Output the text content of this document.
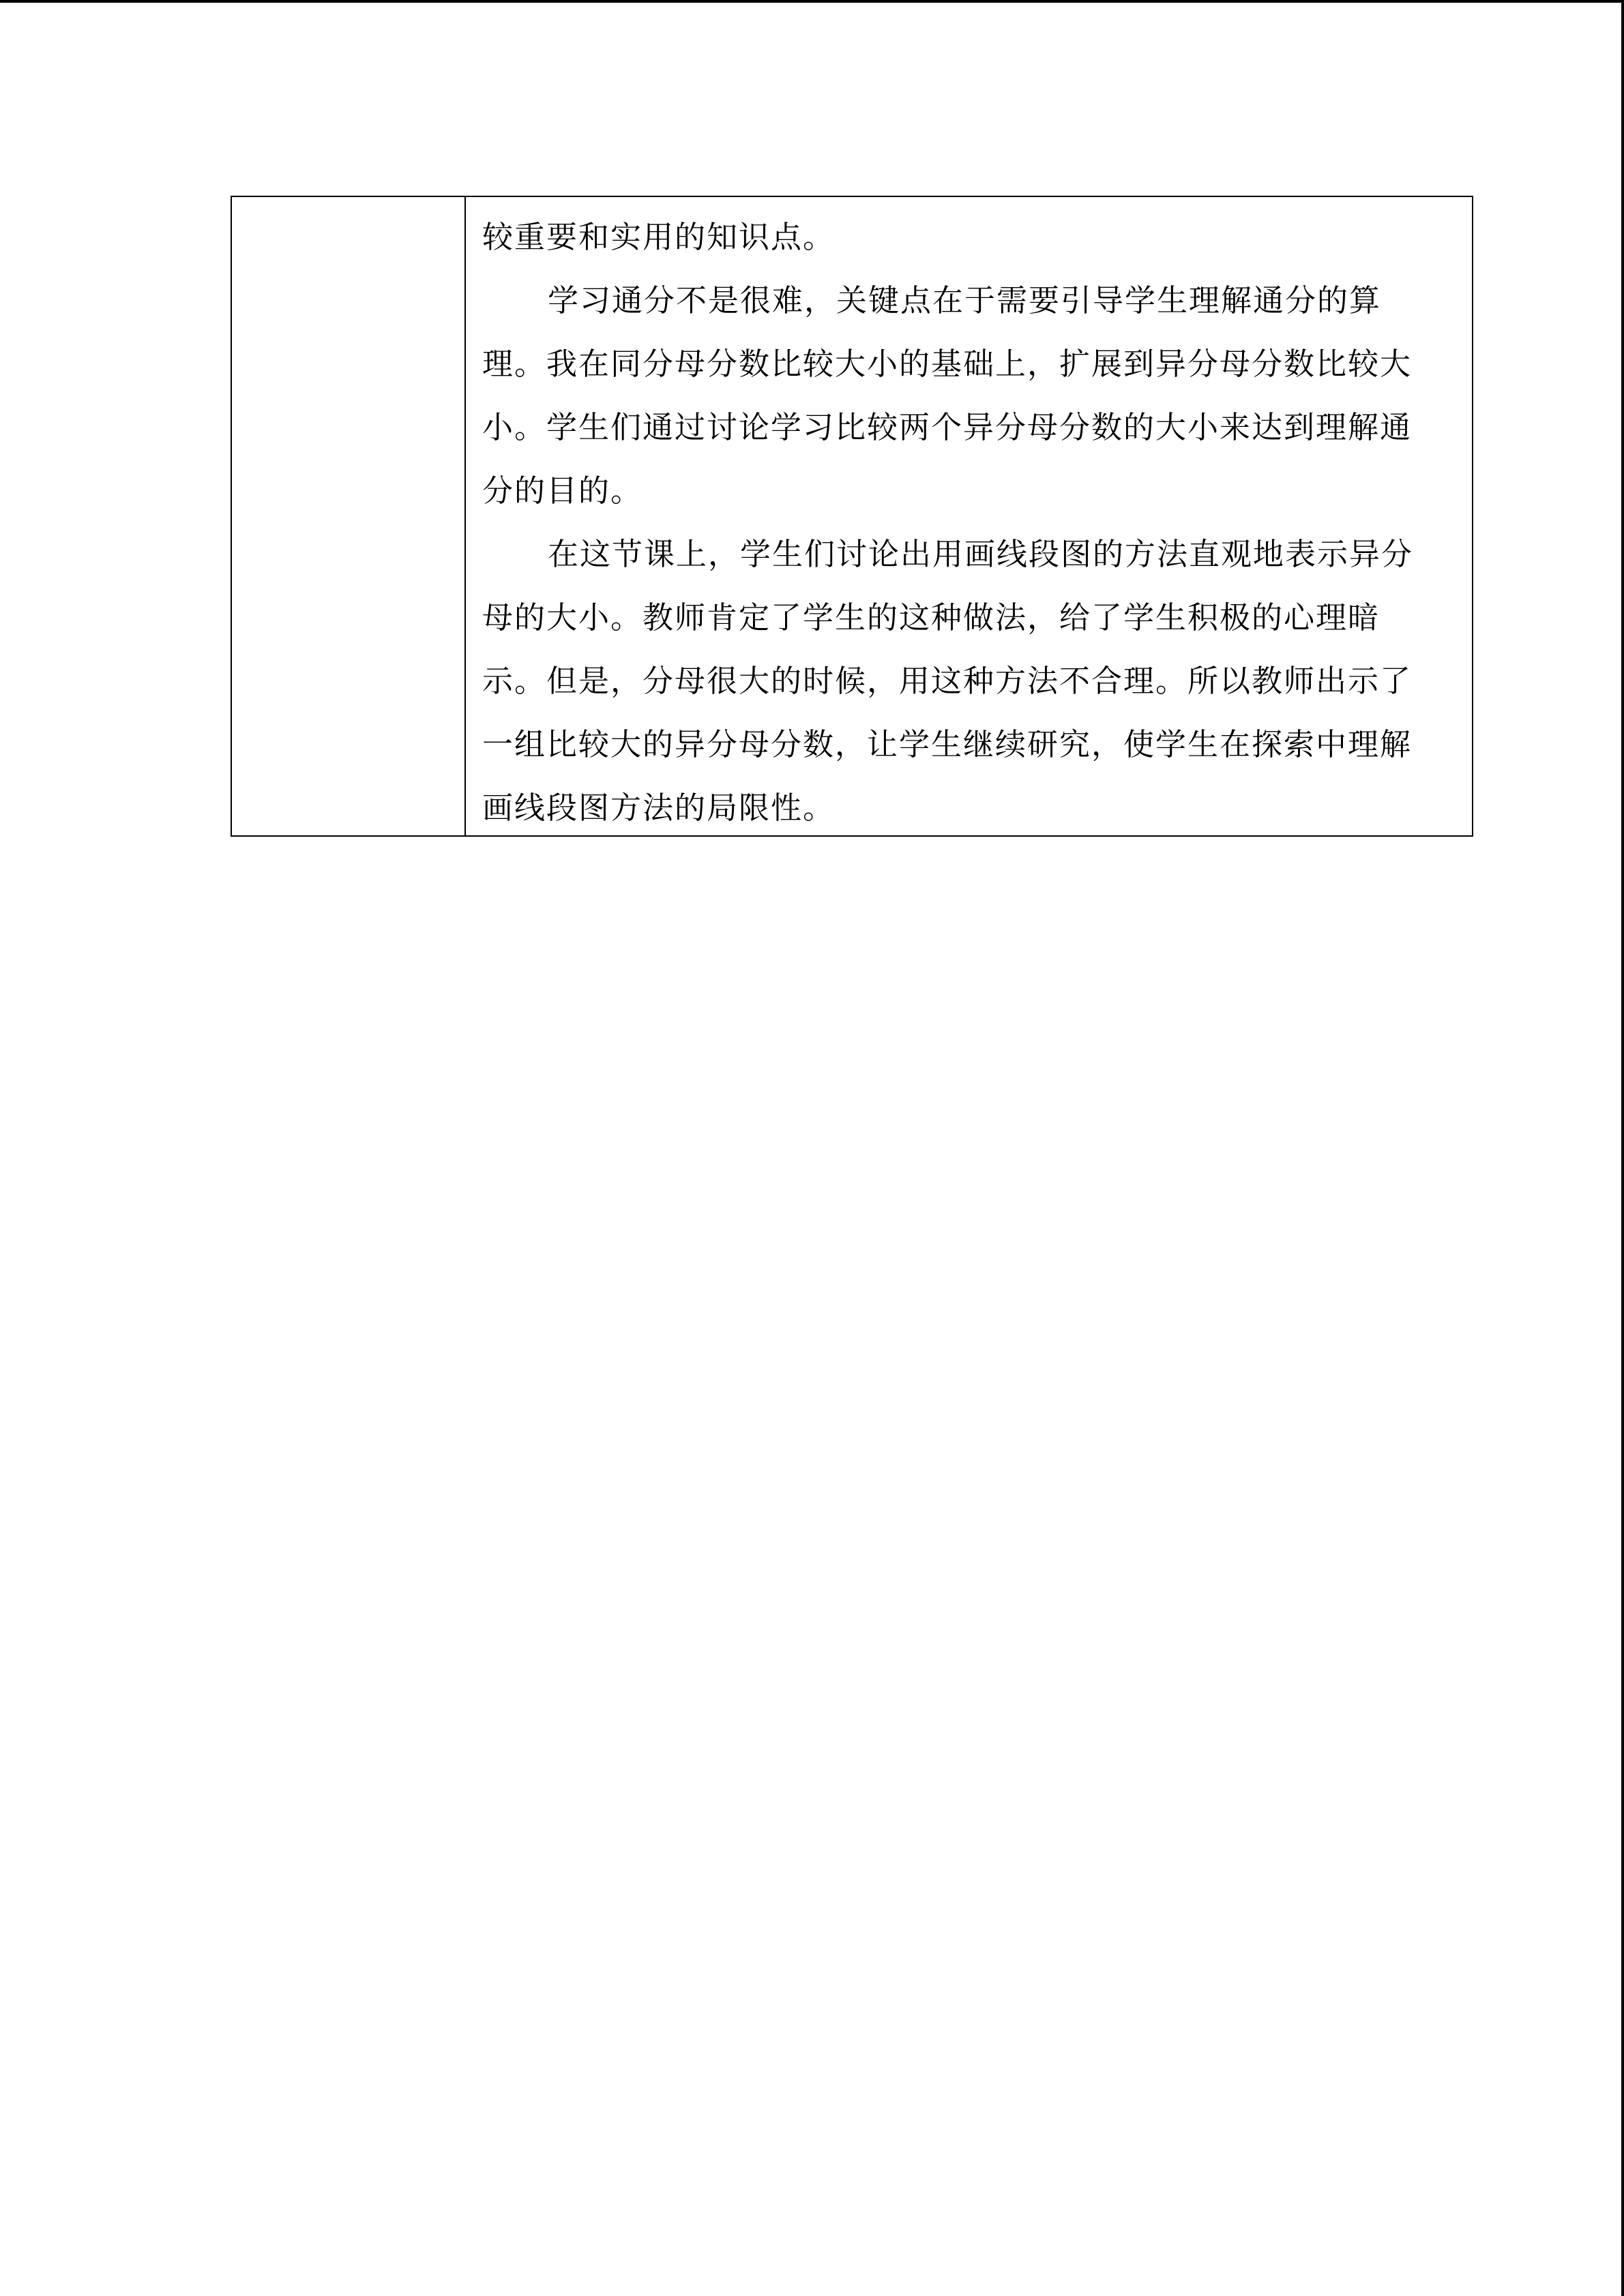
较重要和实用的知识点。

学习通分不是很难，关键点在于需要引导学生理解通分的算理。我在同分母分数比较大小的基础上，扩展到异分母分数比较大小。学生们通过讨论学习比较两个异分母分数的大小来达到理解通分的目的。

在这节课上，学生们讨论出用画线段图的方法直观地表示异分母的大小。教师肯定了学生的这种做法，给了学生积极的心理暗示。但是，分母很大的时候，用这种方法不合理。所以教师出示了一组比较大的异分母分数，让学生继续研究，使学生在探索中理解画线段图方法的局限性。
